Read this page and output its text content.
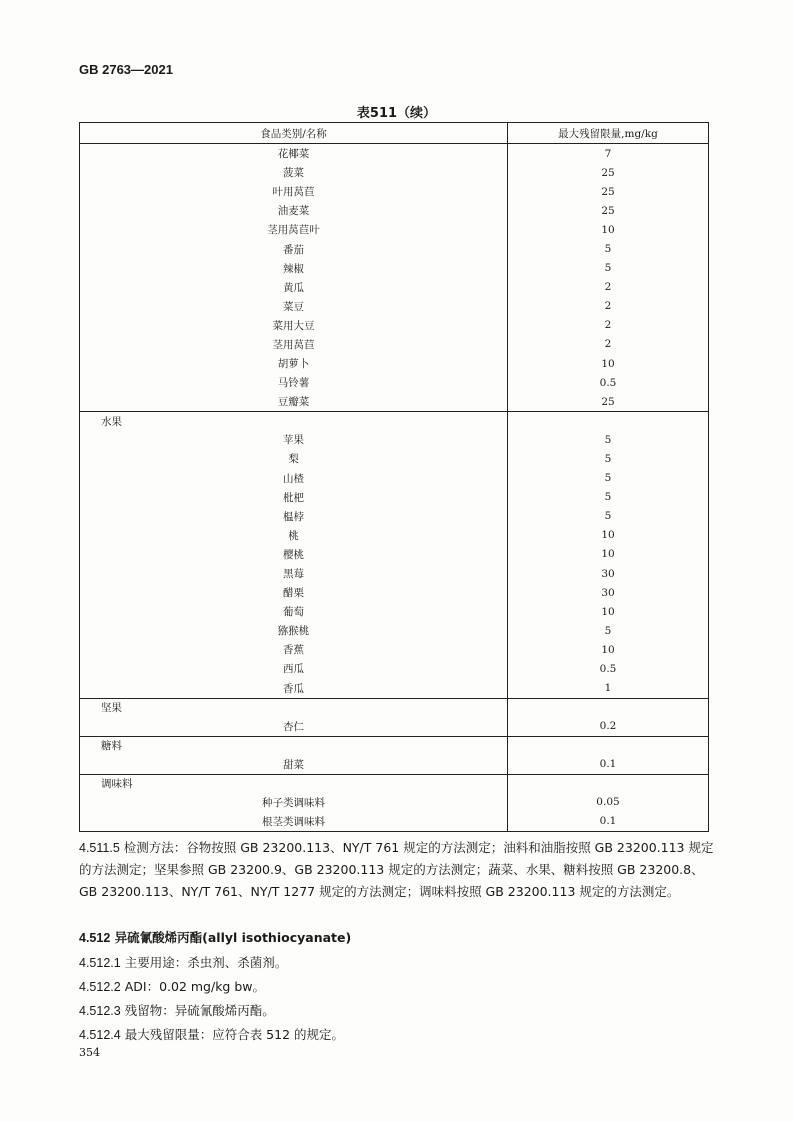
GB 2763—2021
表511（续）
食品类别/名称	最大残留限量,mg/kg
花椰菜	7
菠菜	25
叶用莴苣	25
油麦菜	25
茎用莴苣叶	10
番茄	5
辣椒	5
黄瓜	2
菜豆	2
菜用大豆	2
茎用莴苣	2
胡萝卜	10
马铃薯	0.5
豆瓣菜	25
水果	
苹果	5
梨	5
山楂	5
枇杷	5
榅桲	5
桃	10
樱桃	10
黑莓	30
醋栗	30
葡萄	10
猕猴桃	5
香蕉	10
西瓜	0.5
香瓜	1
坚果	
杏仁	0.2
糖料	
甜菜	0.1
调味料	
种子类调味料	0.05
根茎类调味料	0.1
4.511.5 检测方法：谷物按照 GB 23200.113、NY/T 761 规定的方法测定；油料和油脂按照 GB 23200.113 规定的方法测定；坚果参照 GB 23200.9、GB 23200.113 规定的方法测定；蔬菜、水果、糖料按照 GB 23200.8、GB 23200.113、NY/T 761、NY/T 1277 规定的方法测定；调味料按照 GB 23200.113 规定的方法测定。
4.512 异硫氰酸烯丙酯(allyl isothiocyanate)
4.512.1 主要用途：杀虫剂、杀菌剂。
4.512.2 ADI：0.02 mg/kg bw。
4.512.3 残留物：异硫氰酸烯丙酯。
4.512.4 最大残留限量：应符合表 512 的规定。
354
